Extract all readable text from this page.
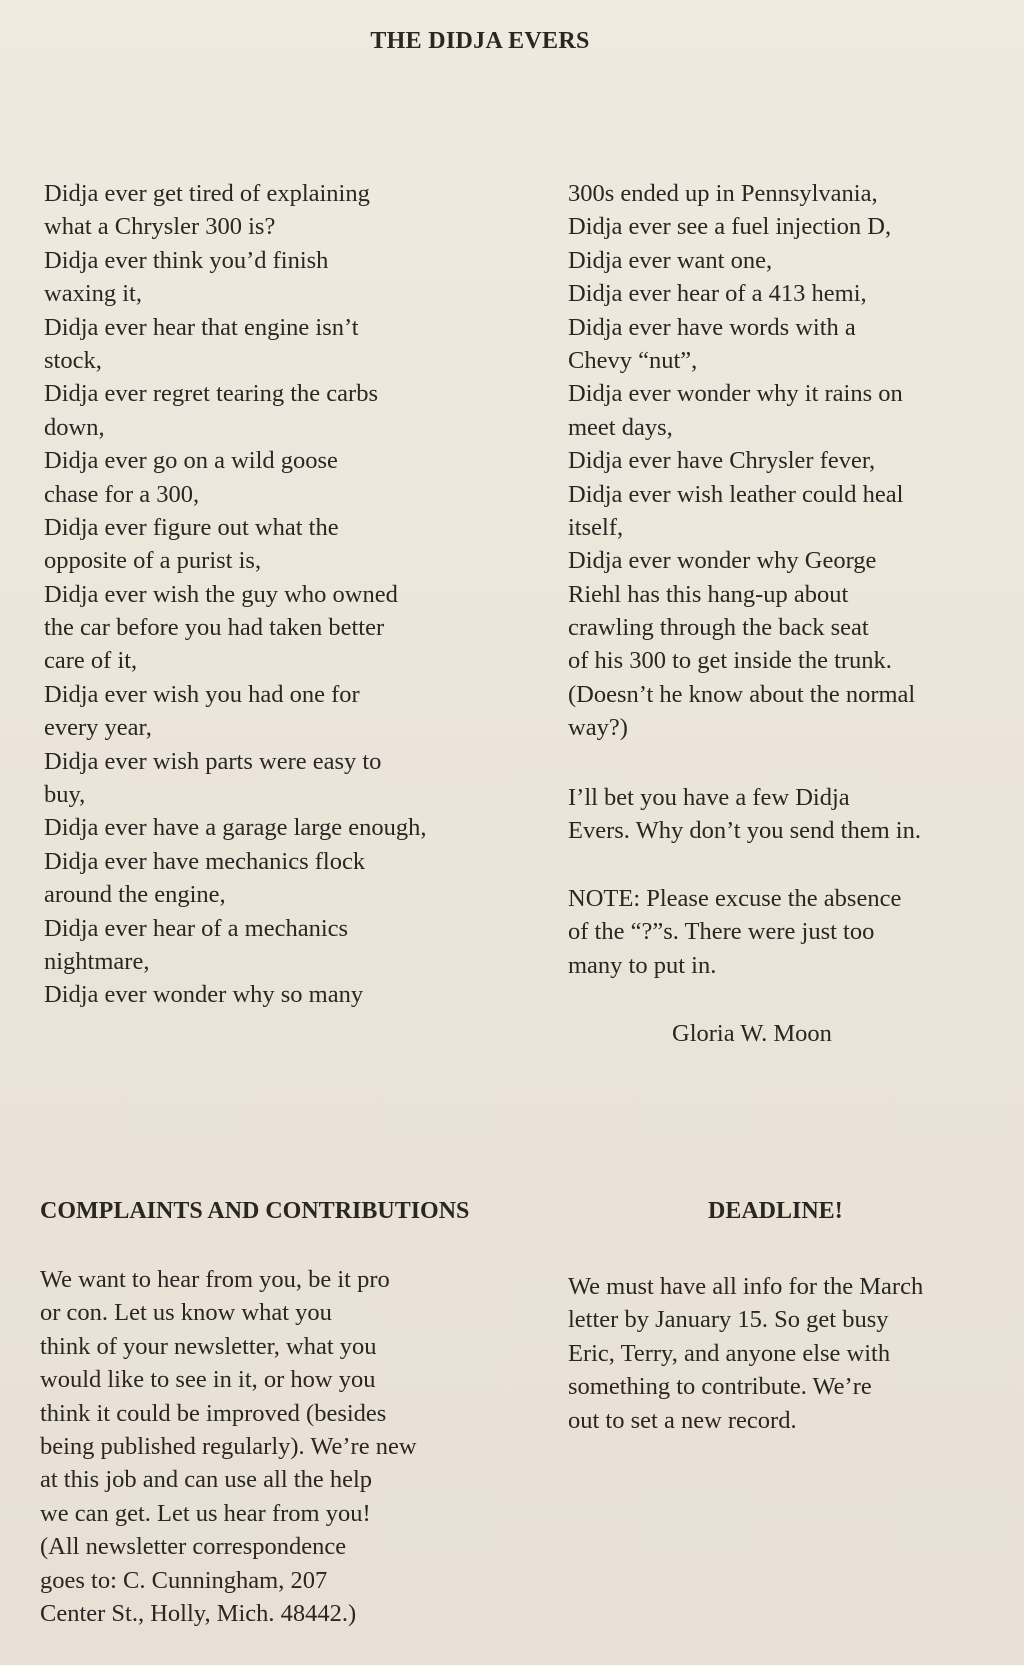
THE DIDJA EVERS
Didja ever get tired of explaining
what a Chrysler 300 is?
Didja ever think you’d finish
waxing it,
Didja ever hear that engine isn’t
stock,
Didja ever regret tearing the carbs
down,
Didja ever go on a wild goose
chase for a 300,
Didja ever figure out what the
opposite of a purist is,
Didja ever wish the guy who owned
the car before you had taken better
care of it,
Didja ever wish you had one for
every year,
Didja ever wish parts were easy to
buy,
Didja ever have a garage large enough,
Didja ever have mechanics flock
around the engine,
Didja ever hear of a mechanics
nightmare,
Didja ever wonder why so many
300s ended up in Pennsylvania,
Didja ever see a fuel injection D,
Didja ever want one,
Didja ever hear of a 413 hemi,
Didja ever have words with a
Chevy “nut”,
Didja ever wonder why it rains on
meet days,
Didja ever have Chrysler fever,
Didja ever wish leather could heal
itself,
Didja ever wonder why George
Riehl has this hang-up about
crawling through the back seat
of his 300 to get inside the trunk.
(Doesn’t he know about the normal
way?)
I’ll bet you have a few Didja
Evers. Why don’t you send them in.
NOTE: Please excuse the absence
of the “?”s. There were just too
many to put in.
Gloria W. Moon
COMPLAINTS AND CONTRIBUTIONS	DEADLINE!
We want to hear from you, be it pro
or con. Let us know what you
think of your newsletter, what you
would like to see in it, or how you
think it could be improved (besides
being published regularly). We’re new
at this job and can use all the help
we can get. Let us hear from you!
(All newsletter correspondence
goes to: C. Cunningham, 207
Center St., Holly, Mich. 48442.)
We must have all info for the March
letter by January 15. So get busy
Eric, Terry, and anyone else with
something to contribute. We’re
out to set a new record.
